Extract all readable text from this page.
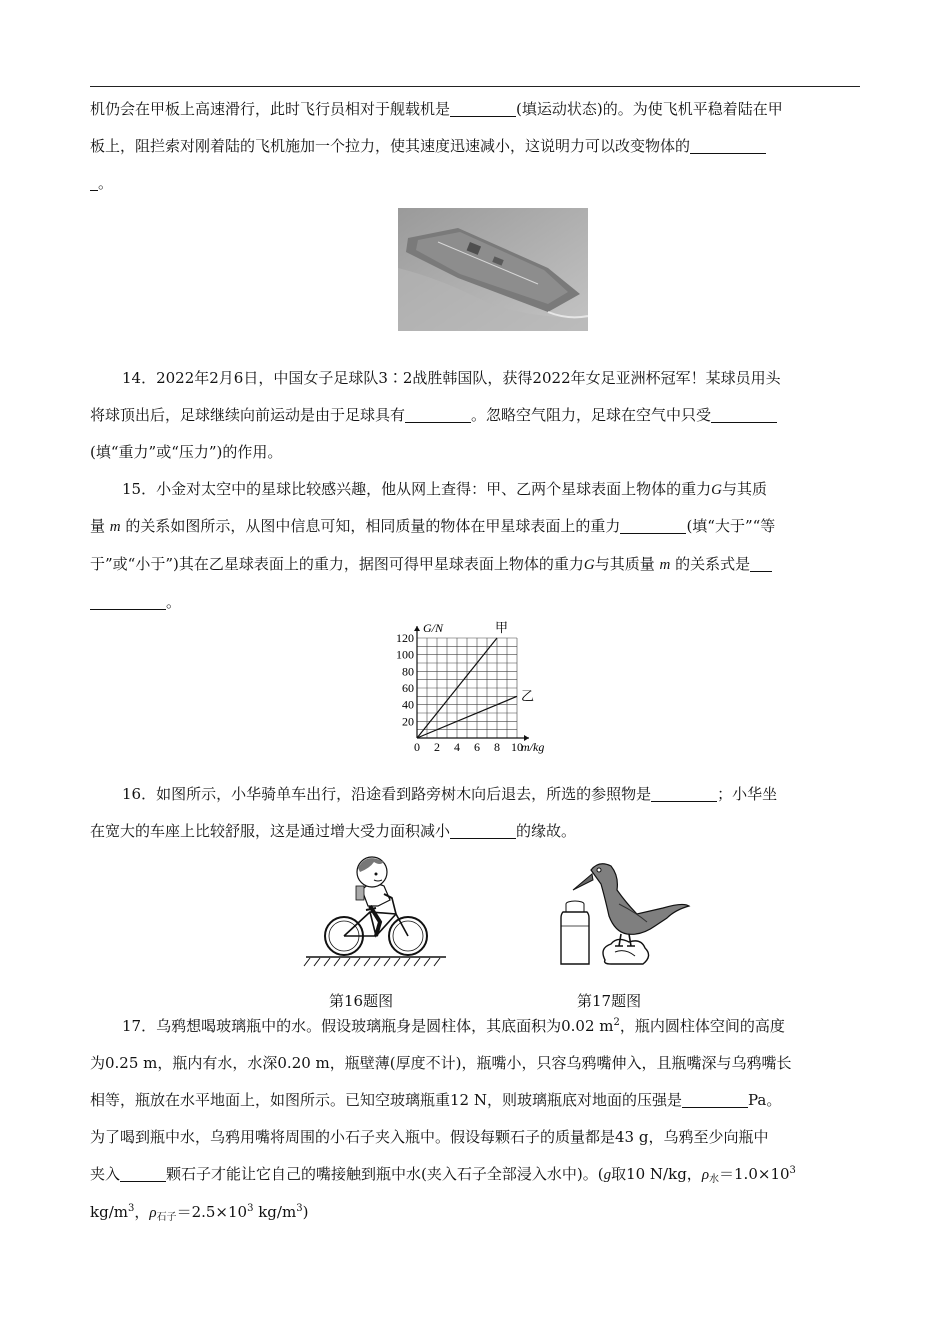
机仍会在甲板上高速滑行，此时飞行员相对于舰载机是	(填运动状态)的。为使飞机平稳着陆在甲
板上，阻拦索对刚着陆的飞机施加一个拉力，使其速度迅速减小，这说明力可以改变物体的
。
14．2022年2月6日，中国女子足球队3∶2战胜韩国队，获得2022年女足亚洲杯冠军！某球员用头
将球顶出后，足球继续向前运动是由于足球具有	。忽略空气阻力，足球在空气中只受
(填“重力”或“压力”)的作用。
15．小金对太空中的星球比较感兴趣，他从网上查得：甲、乙两个星球表面上物体的重力G与其质
量 m 的关系如图所示，从图中信息可知，相同质量的物体在甲星球表面上的重力	(填“大于”“等
于”或“小于”)其在乙星球表面上的重力，据图可得甲星球表面上物体的重力G与其质量 m 的关系式是
。
0 2 4 6 8 10
20
40
60
80
100
120
m/kg
G/N	甲
乙
16．如图所示，小华骑单车出行，沿途看到路旁树木向后退去，所选的参照物是	；小华坐
在宽大的车座上比较舒服，这是通过增大受力面积减小	的缘故。
第16题图	第17题图
17．乌鸦想喝玻璃瓶中的水。假设玻璃瓶身是圆柱体，其底面积为0.02 $m^2$，瓶内圆柱体空间的高度
为0.25 m，瓶内有水，水深0.20 m，瓶壁薄(厚度不计)，瓶嘴小，只容乌鸦嘴伸入，且瓶嘴深与乌鸦嘴长
相等，瓶放在水平地面上，如图所示。已知空玻璃瓶重12 N，则玻璃瓶底对地面的压强是	Pa。
为了喝到瓶中水，乌鸦用嘴将周围的小石子夹入瓶中。假设每颗石子的质量都是43 g，乌鸦至少向瓶中
夹入	颗石子才能让它自己的嘴接触到瓶中水(夹入石子全部浸入水中)。(g取10 N/kg，$\rho_水=1.0\times 10^3$
$kg/m^3$，$\rho_{石子}=2.5\times 10^3$ $kg/m^3$)
